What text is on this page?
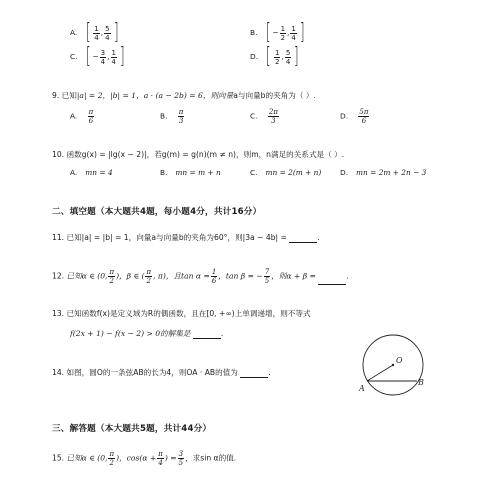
A. [ $\frac{1}{4}$ , $\frac{5}{4}$ ]	B. [ − $\frac{1}{2}$ , $\frac{1}{4}$ ]
C. [ − $\frac{3}{4}$ , $\frac{1}{4}$ ]	D. [ $\frac{1}{2}$ , $\frac{5}{4}$ ]
9. 已知|a| = 2，|b| = 1，a · (a − 2b) = 6，则向量a与向量b的夹角为（ ）.
A. $\frac{\pi}{6}$	B. $\frac{\pi}{3}$	C. $\frac{2\pi}{3}$	D. $\frac{5\pi}{6}$
10. 函数g(x) = |lg(x − 2)|，若g(m) = g(n)(m ≠ n)，则m，n满足的关系式是（ ）.
A. mn = 4	B. mn = m + n	C. mn = 2(m + n)	D. mn = 2m + 2n − 3
二、填空题（本大题共4题，每小题4分，共计16分）
11. 已知|a| = |b| = 1，向量a与向量b的夹角为60°，则|3a − 4b| =	.
12. 已知α ∈ (0, $\frac{\pi}{2}$ )，β ∈ ( $\frac{\pi}{2}$ , π)，且$\tan \alpha = \frac{1}{6}$ ，tan β = − $\frac{7}{5}$ ，则α + β =	.
13. 已知函数f(x)是定义域为R的偶函数，且在[0, +∞)上单调递增，则不等式
f(2x + 1) − f(x − 2) > 0的解集是	.
14. 如图，圆O的一条弦AB的长为4，则OA · AB的值为	.
O
A
B
三、解答题（本大题共5题，共计44分）
15. 已知α ∈ (0, $\frac{\pi}{2}$ )，$\cos(\alpha + \frac{\pi}{4}$ ) = $\frac{3}{5}$ ，求sin α的值.
